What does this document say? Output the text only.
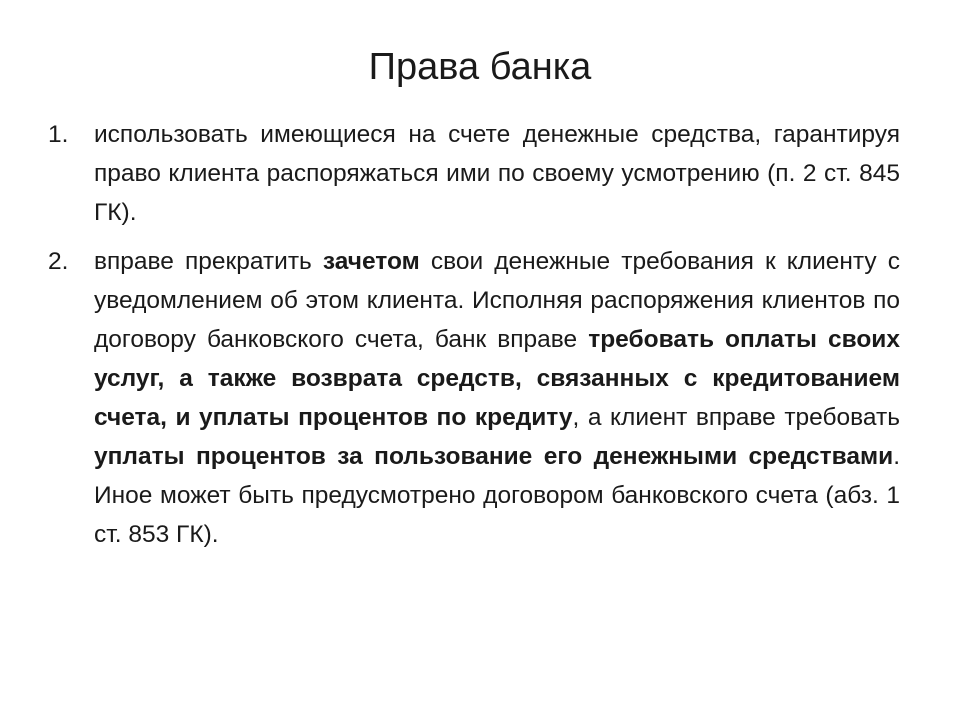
Права банка
1.	использовать имеющиеся на счете денежные средства, гарантируя право клиента распоряжаться ими по своему усмотрению (п. 2 ст. 845 ГК).
2.	вправе прекратить зачетом свои денежные требования к клиенту с уведомлением об этом клиента. Исполняя распоряжения клиентов по договору банковского счета, банк вправе требовать оплаты своих услуг, а также возврата средств, связанных с кредитованием счета, и уплаты процентов по кредиту, а клиент вправе требовать уплаты процентов за пользование его денежными средствами. Иное может быть предусмотрено договором банковского счета (абз. 1 ст. 853 ГК).
